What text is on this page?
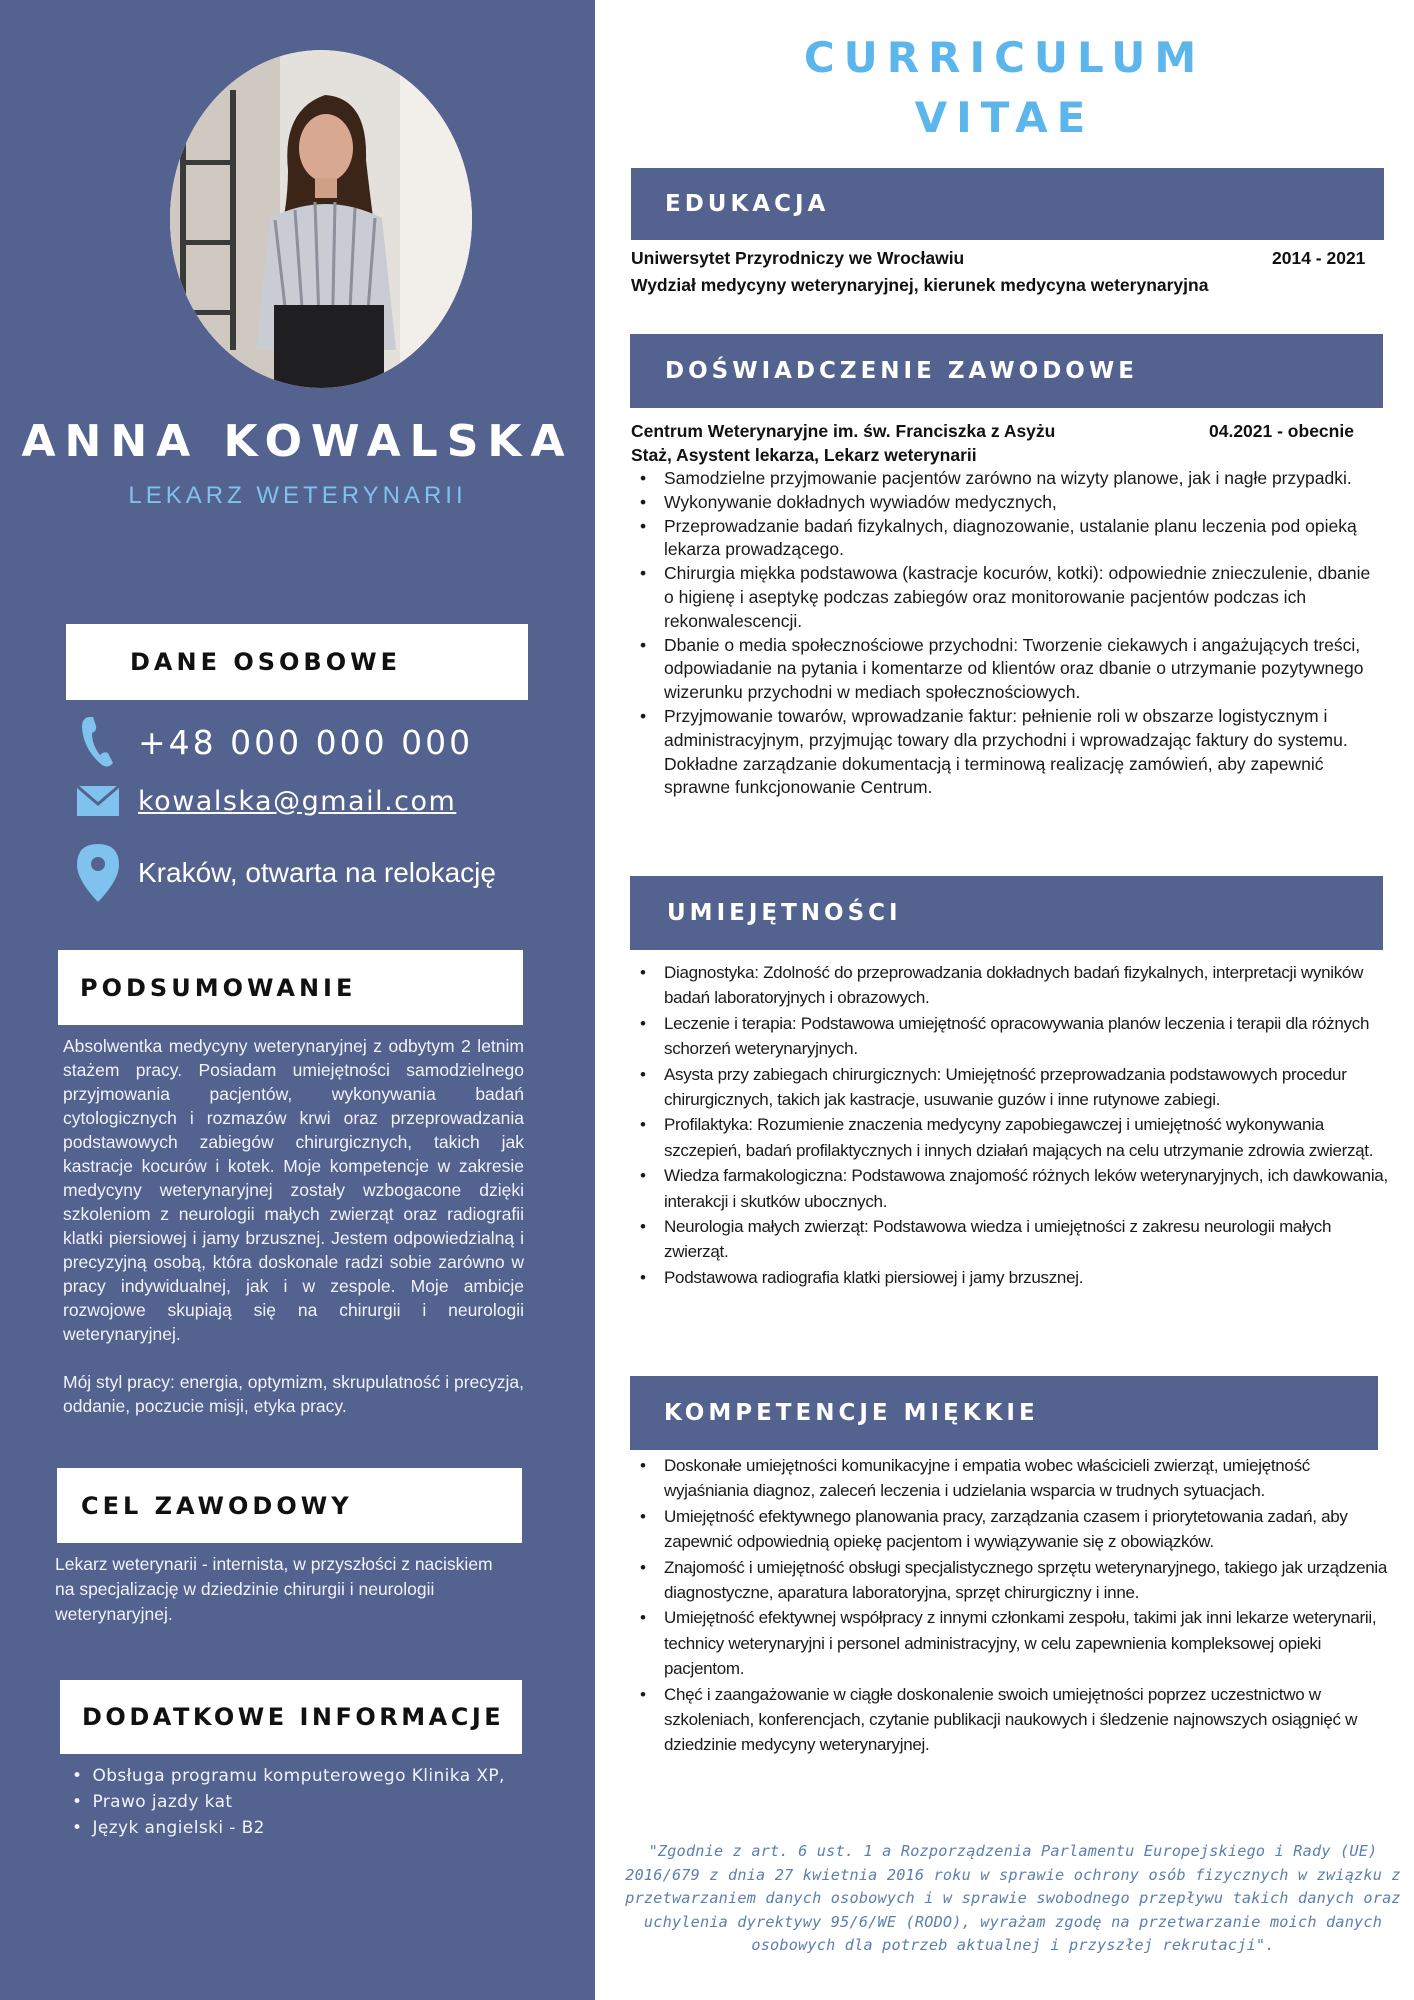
ANNA KOWALSKA
LEKARZ WETERYNARII
DANE OSOBOWE
+48 000 000 000
kowalska@gmail.com
Kraków, otwarta na relokację
PODSUMOWANIE

Absolwentka medycyny weterynaryjnej z odbytym 2 letnim stażem pracy. Posiadam umiejętności samodzielnego przyjmowania pacjentów, wykonywania badań cytologicznych i rozmazów krwi oraz przeprowadzania podstawowych zabiegów chirurgicznych, takich jak kastracje kocurów i kotek. Moje kompetencje w zakresie medycyny weterynaryjnej zostały wzbogacone dzięki szkoleniom z neurologii małych zwierząt oraz radiografii klatki piersiowej i jamy brzusznej. Jestem odpowiedzialną i precyzyjną osobą, która doskonale radzi sobie zarówno w pracy indywidualnej, jak i w zespole. Moje ambicje rozwojowe skupiają się na chirurgii i neurologii weterynaryjnej.

Mój styl pracy: energia, optymizm, skrupulatność i precyzja, oddanie, poczucie misji, etyka pracy.

CEL ZAWODOWY
Lekarz weterynarii - internista, w przyszłości z naciskiem na specjalizację w dziedzinie chirurgii i neurologii weterynaryjnej.
DODATKOWE INFORMACJE
• Obsługa programu komputerowego Klinika XP,
• Prawo jazdy kat
• Język angielski - B2
CURRICULUM
VITAE
EDUKACJA
Uniwersytet Przyrodniczy we Wrocławiu	2014 - 2021
Wydział medycyny weterynaryjnej, kierunek medycyna weterynaryjna
DOŚWIADCZENIE ZAWODOWE
Centrum Weterynaryjne im. św. Franciszka z Asyżu	04.2021 - obecnie
Staż, Asystent lekarza, Lekarz weterynarii
• Samodzielne przyjmowanie pacjentów zarówno na wizyty planowe, jak i nagłe przypadki.
• Wykonywanie dokładnych wywiadów medycznych,
• Przeprowadzanie badań fizykalnych, diagnozowanie, ustalanie planu leczenia pod opieką lekarza prowadzącego.
• Chirurgia miękka podstawowa (kastracje kocurów, kotki): odpowiednie znieczulenie, dbanie o higienę i aseptykę podczas zabiegów oraz monitorowanie pacjentów podczas ich rekonwalescencji.
• Dbanie o media społecznościowe przychodni: Tworzenie ciekawych i angażujących treści, odpowiadanie na pytania i komentarze od klientów oraz dbanie o utrzymanie pozytywnego wizerunku przychodni w mediach społecznościowych.
• Przyjmowanie towarów, wprowadzanie faktur: pełnienie roli w obszarze logistycznym i administracyjnym, przyjmując towary dla przychodni i wprowadzając faktury do systemu. Dokładne zarządzanie dokumentacją i terminową realizację zamówień, aby zapewnić sprawne funkcjonowanie Centrum.
UMIEJĘTNOŚCI
• Diagnostyka: Zdolność do przeprowadzania dokładnych badań fizykalnych, interpretacji wyników badań laboratoryjnych i obrazowych.
• Leczenie i terapia: Podstawowa umiejętność opracowywania planów leczenia i terapii dla różnych schorzeń weterynaryjnych.
• Asysta przy zabiegach chirurgicznych: Umiejętność przeprowadzania podstawowych procedur chirurgicznych, takich jak kastracje, usuwanie guzów i inne rutynowe zabiegi.
• Profilaktyka: Rozumienie znaczenia medycyny zapobiegawczej i umiejętność wykonywania szczepień, badań profilaktycznych i innych działań mających na celu utrzymanie zdrowia zwierząt.
• Wiedza farmakologiczna: Podstawowa znajomość różnych leków weterynaryjnych, ich dawkowania, interakcji i skutków ubocznych.
• Neurologia małych zwierząt: Podstawowa wiedza i umiejętności z zakresu neurologii małych zwierząt.
• Podstawowa radiografia klatki piersiowej i jamy brzusznej.
KOMPETENCJE MIĘKKIE
• Doskonałe umiejętności komunikacyjne i empatia wobec właścicieli zwierząt, umiejętność wyjaśniania diagnoz, zaleceń leczenia i udzielania wsparcia w trudnych sytuacjach.
• Umiejętność efektywnego planowania pracy, zarządzania czasem i priorytetowania zadań, aby zapewnić odpowiednią opiekę pacjentom i wywiązywanie się z obowiązków.
• Znajomość i umiejętność obsługi specjalistycznego sprzętu weterynaryjnego, takiego jak urządzenia diagnostyczne, aparatura laboratoryjna, sprzęt chirurgiczny i inne.
• Umiejętność efektywnej współpracy z innymi członkami zespołu, takimi jak inni lekarze weterynarii, technicy weterynaryjni i personel administracyjny, w celu zapewnienia kompleksowej opieki pacjentom.
• Chęć i zaangażowanie w ciągłe doskonalenie swoich umiejętności poprzez uczestnictwo w szkoleniach, konferencjach, czytanie publikacji naukowych i śledzenie najnowszych osiągnięć w dziedzinie medycyny weterynaryjnej.
"Zgodnie z art. 6 ust. 1 a Rozporządzenia Parlamentu Europejskiego i Rady (UE) 2016/679 z dnia 27 kwietnia 2016 roku w sprawie ochrony osób fizycznych w związku z przetwarzaniem danych osobowych i w sprawie swobodnego przepływu takich danych oraz uchylenia dyrektywy 95/6/WE (RODO), wyrażam zgodę na przetwarzanie moich danych osobowych dla potrzeb aktualnej i przyszłej rekrutacji".
